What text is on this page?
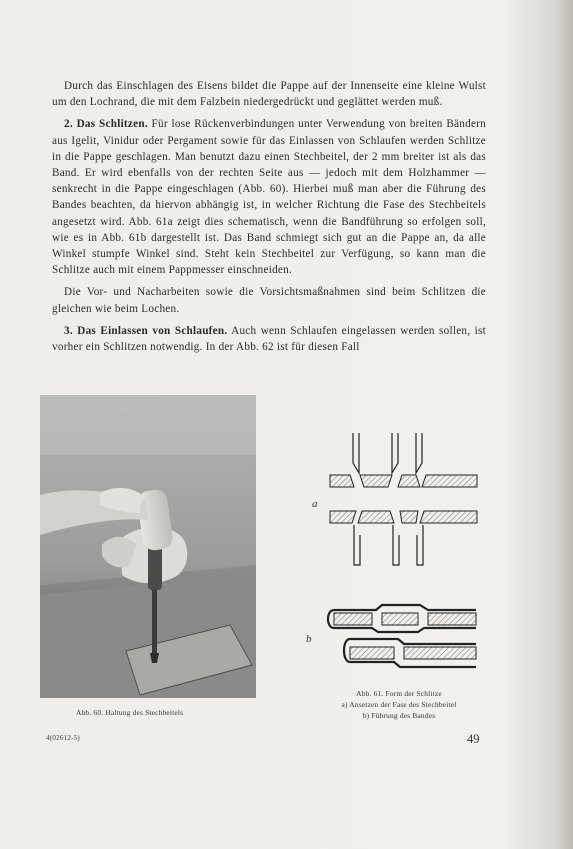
Durch das Einschlagen des Eisens bildet die Pappe auf der Innenseite eine kleine Wulst um den Lochrand, die mit dem Falzbein niedergedrückt und geglättet werden muß.

2. Das Schlitzen. Für lose Rückenverbindungen unter Verwendung von breiten Bändern aus Igelit, Vinidur oder Pergament sowie für das Einlassen von Schlaufen werden Schlitze in die Pappe geschlagen. Man benutzt dazu einen Stechbeitel, der 2 mm breiter ist als das Band. Er wird ebenfalls von der rechten Seite aus — jedoch mit dem Holzhammer — senkrecht in die Pappe eingeschlagen (Abb. 60). Hierbei muß man aber die Führung des Bandes beachten, da hiervon abhängig ist, in welcher Richtung die Fase des Stechbeitels angesetzt wird. Abb. 61a zeigt dies schematisch, wenn die Bandführung so erfolgen soll, wie es in Abb. 61b dargestellt ist. Das Band schmiegt sich gut an die Pappe an, da alle Winkel stumpfe Winkel sind. Steht kein Stechbeitel zur Verfügung, so kann man die Schlitze auch mit einem Pappmesser einschneiden.

Die Vor- und Nacharbeiten sowie die Vorsichtsmaßnahmen sind beim Schlitzen die gleichen wie beim Lochen.

3. Das Einlassen von Schlaufen. Auch wenn Schlaufen eingelassen werden sollen, ist vorher ein Schlitzen notwendig. In der Abb. 62 ist für diesen Fall

Abb. 60. Haltung des Stechbeitels
a
b
Abb. 61. Form der Schlitze
a) Ansetzen der Fase des Stechbeitel
b) Führung des Bandes
4(02612-5)	49
